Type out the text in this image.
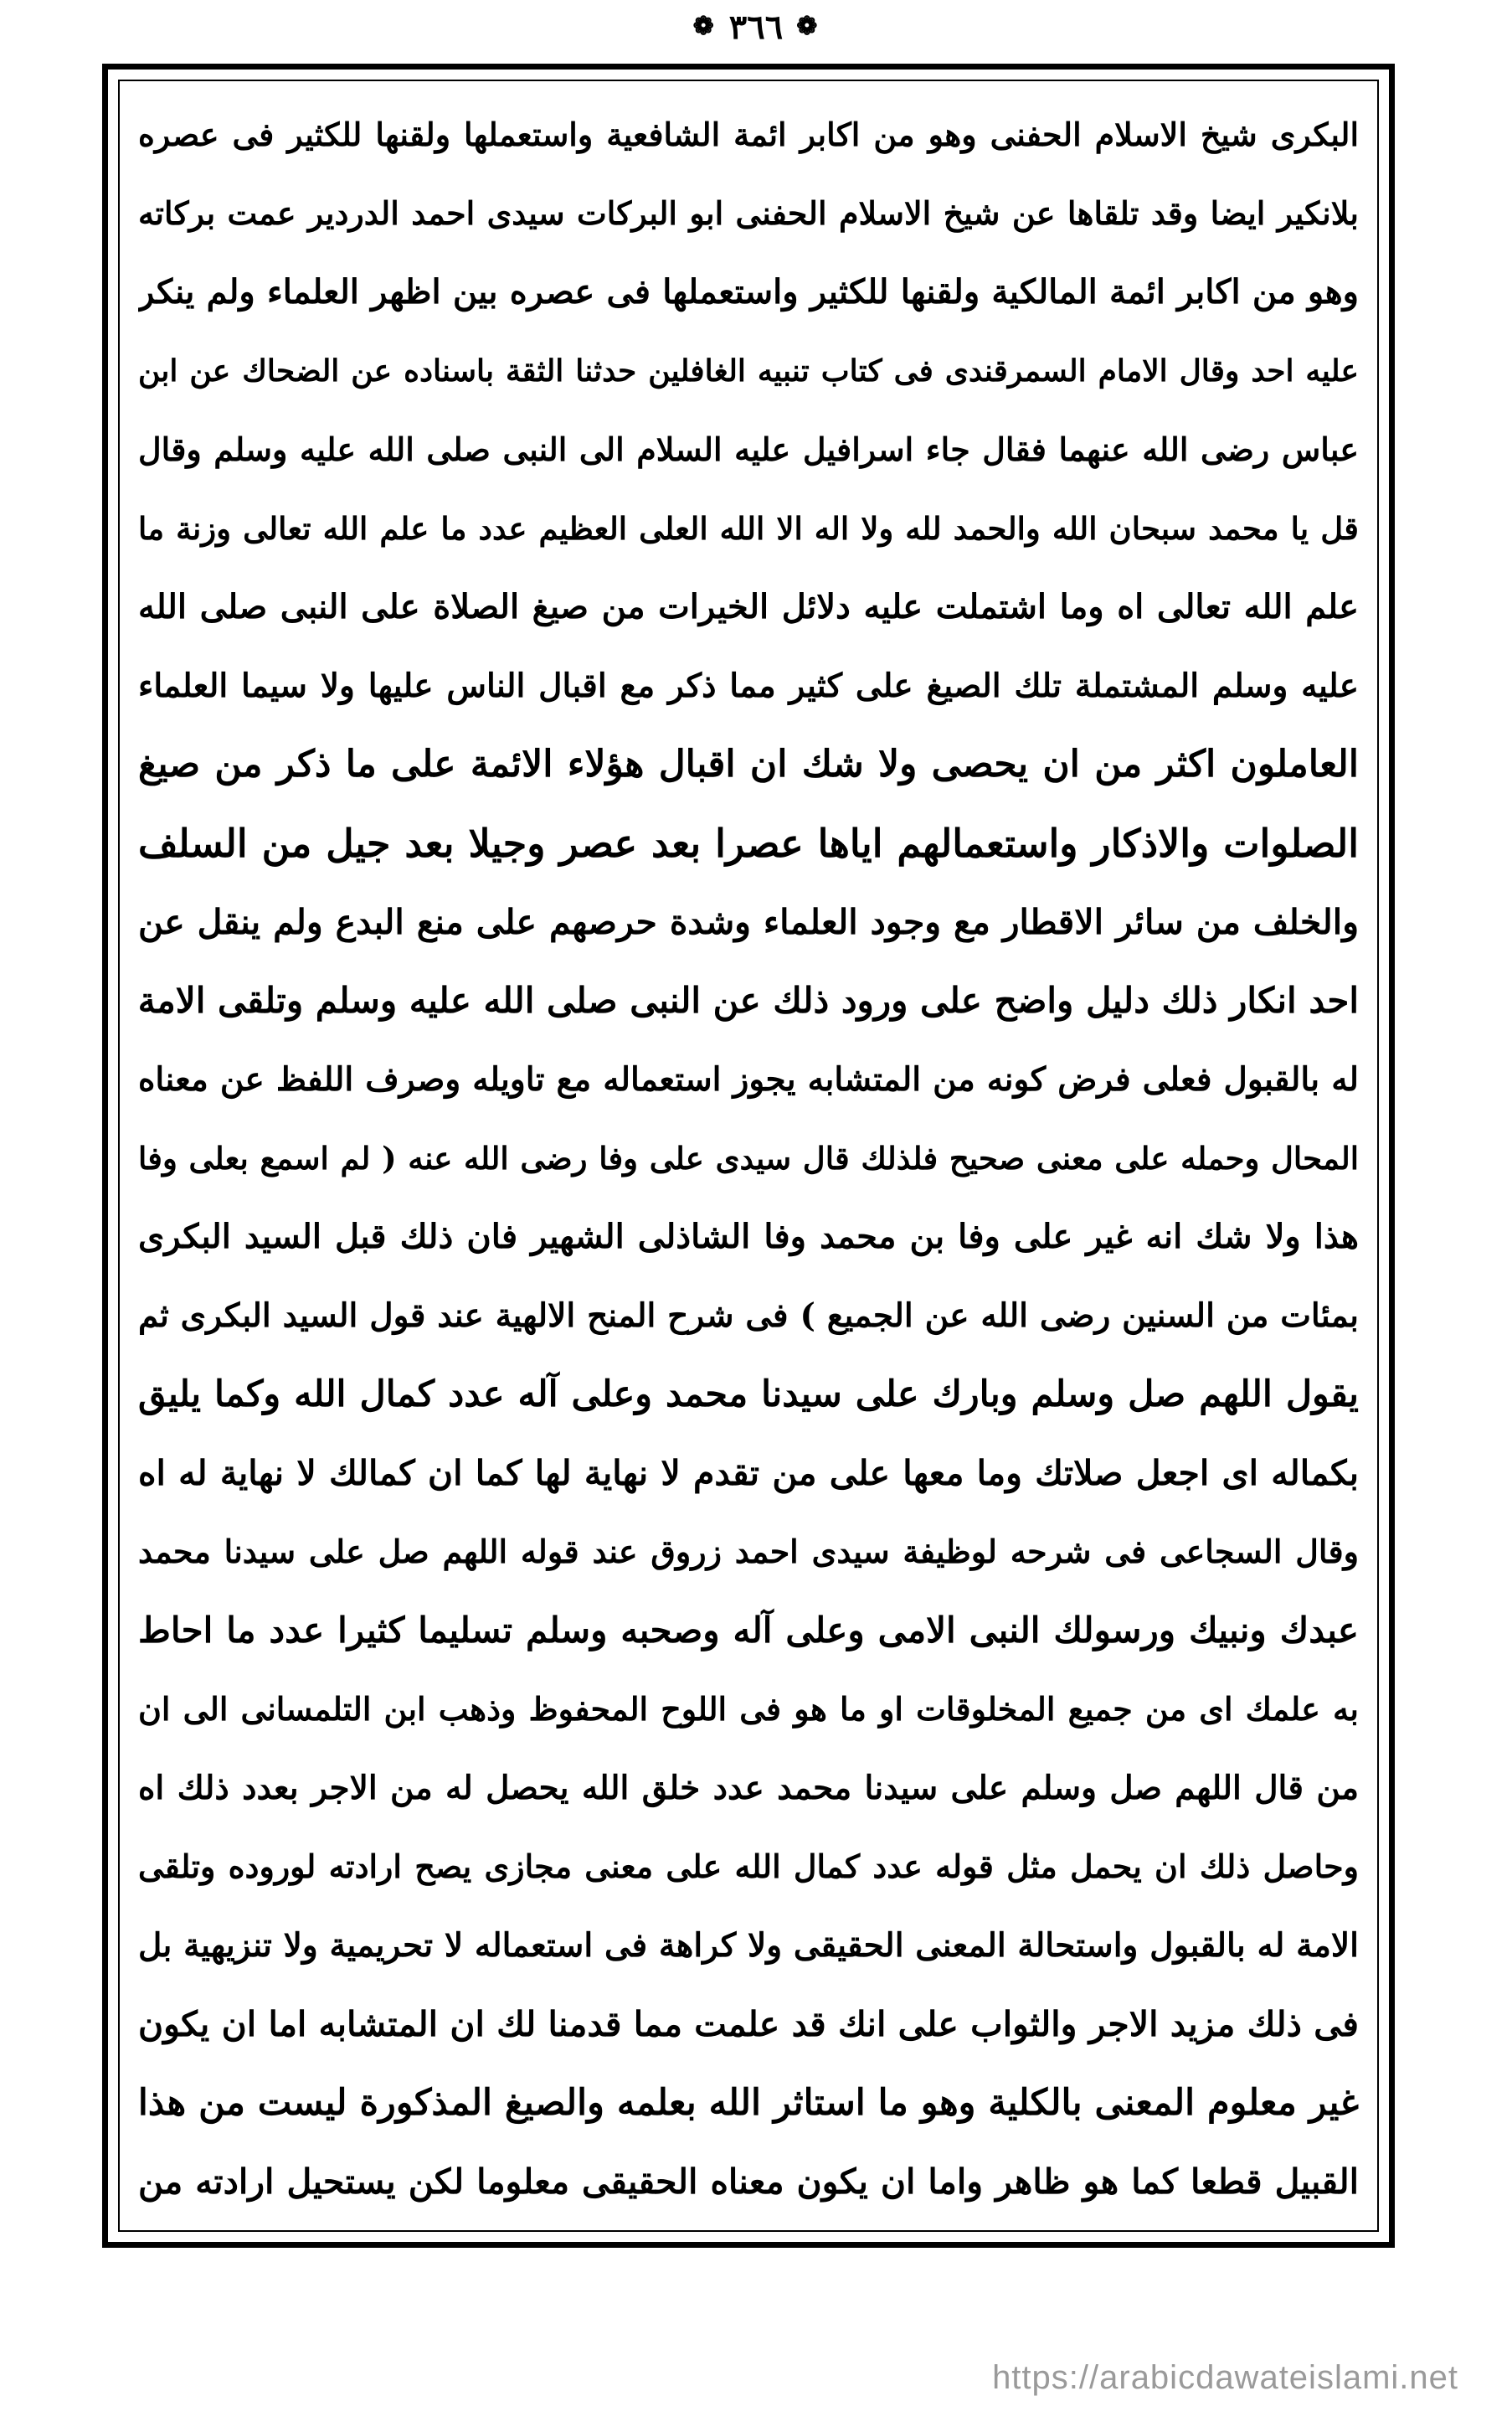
❁ ٣٦٦ ❁
البكرى شيخ الاسلام الحفنى وهو من اكابر ائمة الشافعية واستعملها ولقنها للكثير فى عصره
بلانكير ايضا وقد تلقاها عن شيخ الاسلام الحفنى ابو البركات سيدى احمد الدردير عمت بركاته
وهو من اكابر ائمة المالكية ولقنها للكثير واستعملها فى عصره بين اظهر العلماء ولم ينكر
عليه احد وقال الامام السمرقندى فى كتاب تنبيه الغافلين حدثنا الثقة باسناده عن الضحاك عن ابن
عباس رضى الله عنهما فقال جاء اسرافيل عليه السلام الى النبى صلى الله عليه وسلم وقال
قل يا محمد سبحان الله والحمد لله ولا اله الا الله العلى العظيم عدد ما علم الله تعالى وزنة ما
علم الله تعالى اه وما اشتملت عليه دلائل الخيرات من صيغ الصلاة على النبى صلى الله
عليه وسلم المشتملة تلك الصيغ على كثير مما ذكر مع اقبال الناس عليها ولا سيما العلماء
العاملون اكثر من ان يحصى ولا شك ان اقبال هؤلاء الائمة على ما ذكر من صيغ
الصلوات والاذكار واستعمالهم اياها عصرا بعد عصر وجيلا بعد جيل من السلف
والخلف من سائر الاقطار مع وجود العلماء وشدة حرصهم على منع البدع ولم ينقل عن
احد انكار ذلك دليل واضح على ورود ذلك عن النبى صلى الله عليه وسلم وتلقى الامة
له بالقبول فعلى فرض كونه من المتشابه يجوز استعماله مع تاويله وصرف اللفظ عن معناه
المحال وحمله على معنى صحيح فلذلك قال سيدى على وفا رضى الله عنه ( لم اسمع بعلى وفا
هذا ولا شك انه غير على وفا بن محمد وفا الشاذلى الشهير فان ذلك قبل السيد البكرى
بمئات من السنين رضى الله عن الجميع ) فى شرح المنح الالهية عند قول السيد البكرى ثم
يقول اللهم صل وسلم وبارك على سيدنا محمد وعلى آله عدد كمال الله وكما يليق
بكماله اى اجعل صلاتك وما معها على من تقدم لا نهاية لها كما ان كمالك لا نهاية له اه
وقال السجاعى فى شرحه لوظيفة سيدى احمد زروق عند قوله اللهم صل على سيدنا محمد
عبدك ونبيك ورسولك النبى الامى وعلى آله وصحبه وسلم تسليما كثيرا عدد ما احاط
به علمك اى من جميع المخلوقات او ما هو فى اللوح المحفوظ وذهب ابن التلمسانى الى ان
من قال اللهم صل وسلم على سيدنا محمد عدد خلق الله يحصل له من الاجر بعدد ذلك اه
وحاصل ذلك ان يحمل مثل قوله عدد كمال الله على معنى مجازى يصح ارادته لوروده وتلقى
الامة له بالقبول واستحالة المعنى الحقيقى ولا كراهة فى استعماله لا تحريمية ولا تنزيهية بل
فى ذلك مزيد الاجر والثواب على انك قد علمت مما قدمنا لك ان المتشابه اما ان يكون
غير معلوم المعنى بالكلية وهو ما استاثر الله بعلمه والصيغ المذكورة ليست من هذا
القبيل قطعا كما هو ظاهر واما ان يكون معناه الحقيقى معلوما لكن يستحيل ارادته من
https://arabicdawateislami.net
